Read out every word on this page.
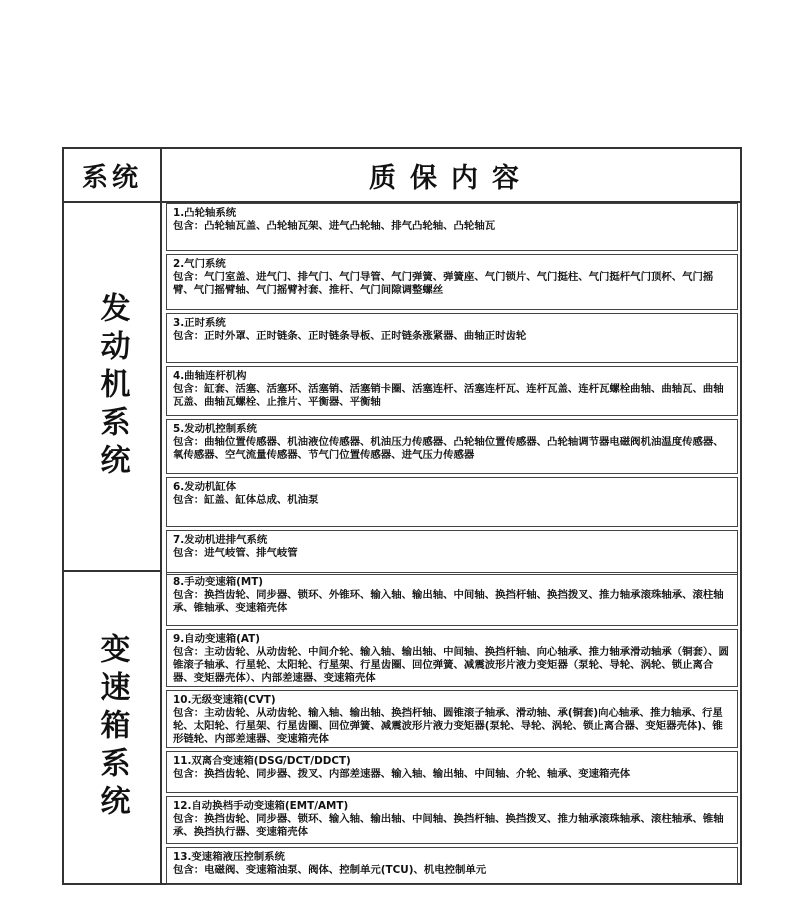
系统	质保内容
发动机系统
1.凸轮轴系统
包含：凸轮轴瓦盖、凸轮轴瓦架、进气凸轮轴、排气凸轮轴、凸轮轴瓦
2.气门系统
包含：气门室盖、进气门、排气门、气门导管、气门弹簧、弹簧座、气门锁片、气门挺柱、气门挺杆气门顶杯、气门摇臂、气门摇臂轴、气门摇臂衬套、推杆、气门间隙调整螺丝
3.正时系统
包含：正时外罩、正时链条、正时链条导板、正时链条涨紧器、曲轴正时齿轮
4.曲轴连杆机构
包含：缸套、活塞、活塞环、活塞销、活塞销卡圈、活塞连杆、活塞连杆瓦、连杆瓦盖、连杆瓦螺栓曲轴、曲轴瓦、曲轴瓦盖、曲轴瓦螺栓、止推片、平衡器、平衡轴
5.发动机控制系统
包含：曲轴位置传感器、机油液位传感器、机油压力传感器、凸轮轴位置传感器、凸轮轴调节器电磁阀机油温度传感器、氧传感器、空气流量传感器、节气门位置传感器、进气压力传感器
6.发动机缸体
包含：缸盖、缸体总成、机油泵
7.发动机进排气系统
包含：进气岐管、排气岐管
变速箱系统
8.手动变速箱(MT)
包含：换挡齿轮、同步器、锁环、外锥环、输入轴、输出轴、中间轴、换挡杆轴、换挡拨叉、推力轴承滚珠轴承、滚柱轴承、锥轴承、变速箱壳体
9.自动变速箱(AT)
包含：主动齿轮、从动齿轮、中间介轮、输入轴、输出轴、中间轴、换挡杆轴、向心轴承、推力轴承滑动轴承（铜套）、圆锥滚子轴承、行星轮、太阳轮、行星架、行星齿圈、回位弹簧、减震波形片液力变矩器（泵轮、导轮、涡轮、锁止离合器、变矩器壳体）、内部差速器、变速箱壳体
10.无级变速箱(CVT)
包含：主动齿轮、从动齿轮、输入轴、输出轴、换挡杆轴、圆锥滚子轴承、滑动轴、承(铜套)向心轴承、推力轴承、行星轮、太阳轮、行星架、行星齿圈、回位弹簧、减震波形片液力变矩器(泵轮、导轮、涡轮、锁止离合器、变矩器壳体)、锥形链轮、内部差速器、变速箱壳体
11.双离合变速箱(DSG/DCT/DDCT)
包含：换挡齿轮、同步器、拨叉、内部差速器、输入轴、输出轴、中间轴、介轮、轴承、变速箱壳体
12.自动换档手动变速箱(EMT/AMT)
包含：换挡齿轮、同步器、锁环、输入轴、输出轴、中间轴、换挡杆轴、换挡拨叉、推力轴承滚珠轴承、滚柱轴承、锥轴承、换挡执行器、变速箱壳体
13.变速箱液压控制系统
包含：电磁阀、变速箱油泵、阀体、控制单元(TCU)、机电控制单元
